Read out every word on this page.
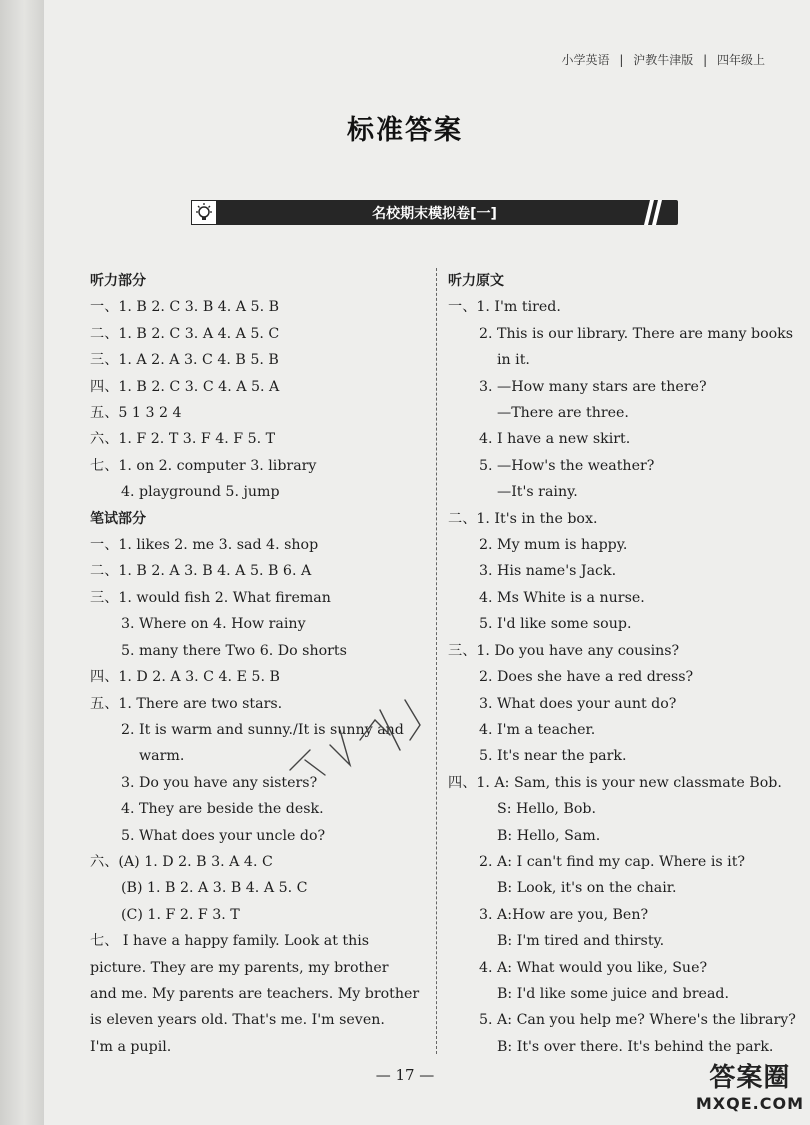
小学英语 | 沪教牛津版 | 四年级上
标准答案
名校期末模拟卷[一]
听力部分
一、1. B 2. C 3. B 4. A 5. B
二、1. B 2. C 3. A 4. A 5. C
三、1. A 2. A 3. C 4. B 5. B
四、1. B 2. C 3. C 4. A 5. A
五、5 1 3 2 4
六、1. F 2. T 3. F 4. F 5. T
七、1. on 2. computer 3. library
4. playground 5. jump
笔试部分
一、1. likes 2. me 3. sad 4. shop
二、1. B 2. A 3. B 4. A 5. B 6. A
三、1. would fish 2. What fireman
3. Where on 4. How rainy
5. many there Two 6. Do shorts
四、1. D 2. A 3. C 4. E 5. B
五、1. There are two stars.
2. It is warm and sunny./It is sunny and
warm.
3. Do you have any sisters?
4. They are beside the desk.
5. What does your uncle do?
六、(A) 1. D 2. B 3. A 4. C
(B) 1. B 2. A 3. B 4. A 5. C
(C) 1. F 2. F 3. T
七、 I have a happy family. Look at this
picture. They are my parents, my brother
and me. My parents are teachers. My brother
is eleven years old. That's me. I'm seven.
I'm a pupil.
听力原文
一、1. I'm tired.
2. This is our library. There are many books
in it.
3. —How many stars are there?
—There are three.
4. I have a new skirt.
5. —How's the weather?
—It's rainy.
二、1. It's in the box.
2. My mum is happy.
3. His name's Jack.
4. Ms White is a nurse.
5. I'd like some soup.
三、1. Do you have any cousins?
2. Does she have a red dress?
3. What does your aunt do?
4. I'm a teacher.
5. It's near the park.
四、1. A: Sam, this is your new classmate Bob.
S: Hello, Bob.
B: Hello, Sam.
2. A: I can't find my cap. Where is it?
B: Look, it's on the chair.
3. A:How are you, Ben?
B: I'm tired and thirsty.
4. A: What would you like, Sue?
B: I'd like some juice and bread.
5. A: Can you help me? Where's the library?
B: It's over there. It's behind the park.
— 17 —	答案圈
MXQE.COM
